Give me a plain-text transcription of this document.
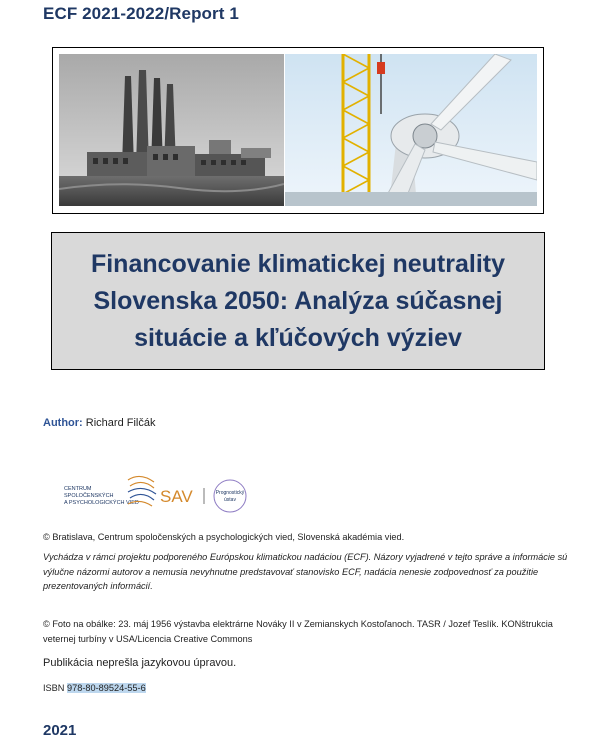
ECF 2021-2022/Report 1
Financovanie klimatickej neutrality Slovenska 2050: Analýza súčasnej situácie a kľúčových výziev
Author: Richard Filčák
CENTRUM
SPOLOČENSKÝCH
A PSYCHOLOGICKÝCH VIED SAV	Prognostický
ústav
© Bratislava, Centrum spoločenských a psychologických vied, Slovenská akadémia vied.
Vychádza v rámci projektu podporeného Európskou klimatickou nadáciou (ECF). Názory vyjadrené v tejto správe a informácie sú výlučne názormi autorov a nemusia nevyhnutne predstavovať stanovisko ECF, nadácia nenesie zodpovednosť za použitie prezentovaných informácií.
© Foto na obálke: 23. máj 1956 výstavba elektrárne Nováky II v Zemianskych Kostoľanoch. TASR / Jozef Teslík. KONštrukcia veternej turbíny v USA/Licencia Creative Commons
Publikácia neprešla jazykovou úpravou.
ISBN 978-80-89524-55-6
2021
